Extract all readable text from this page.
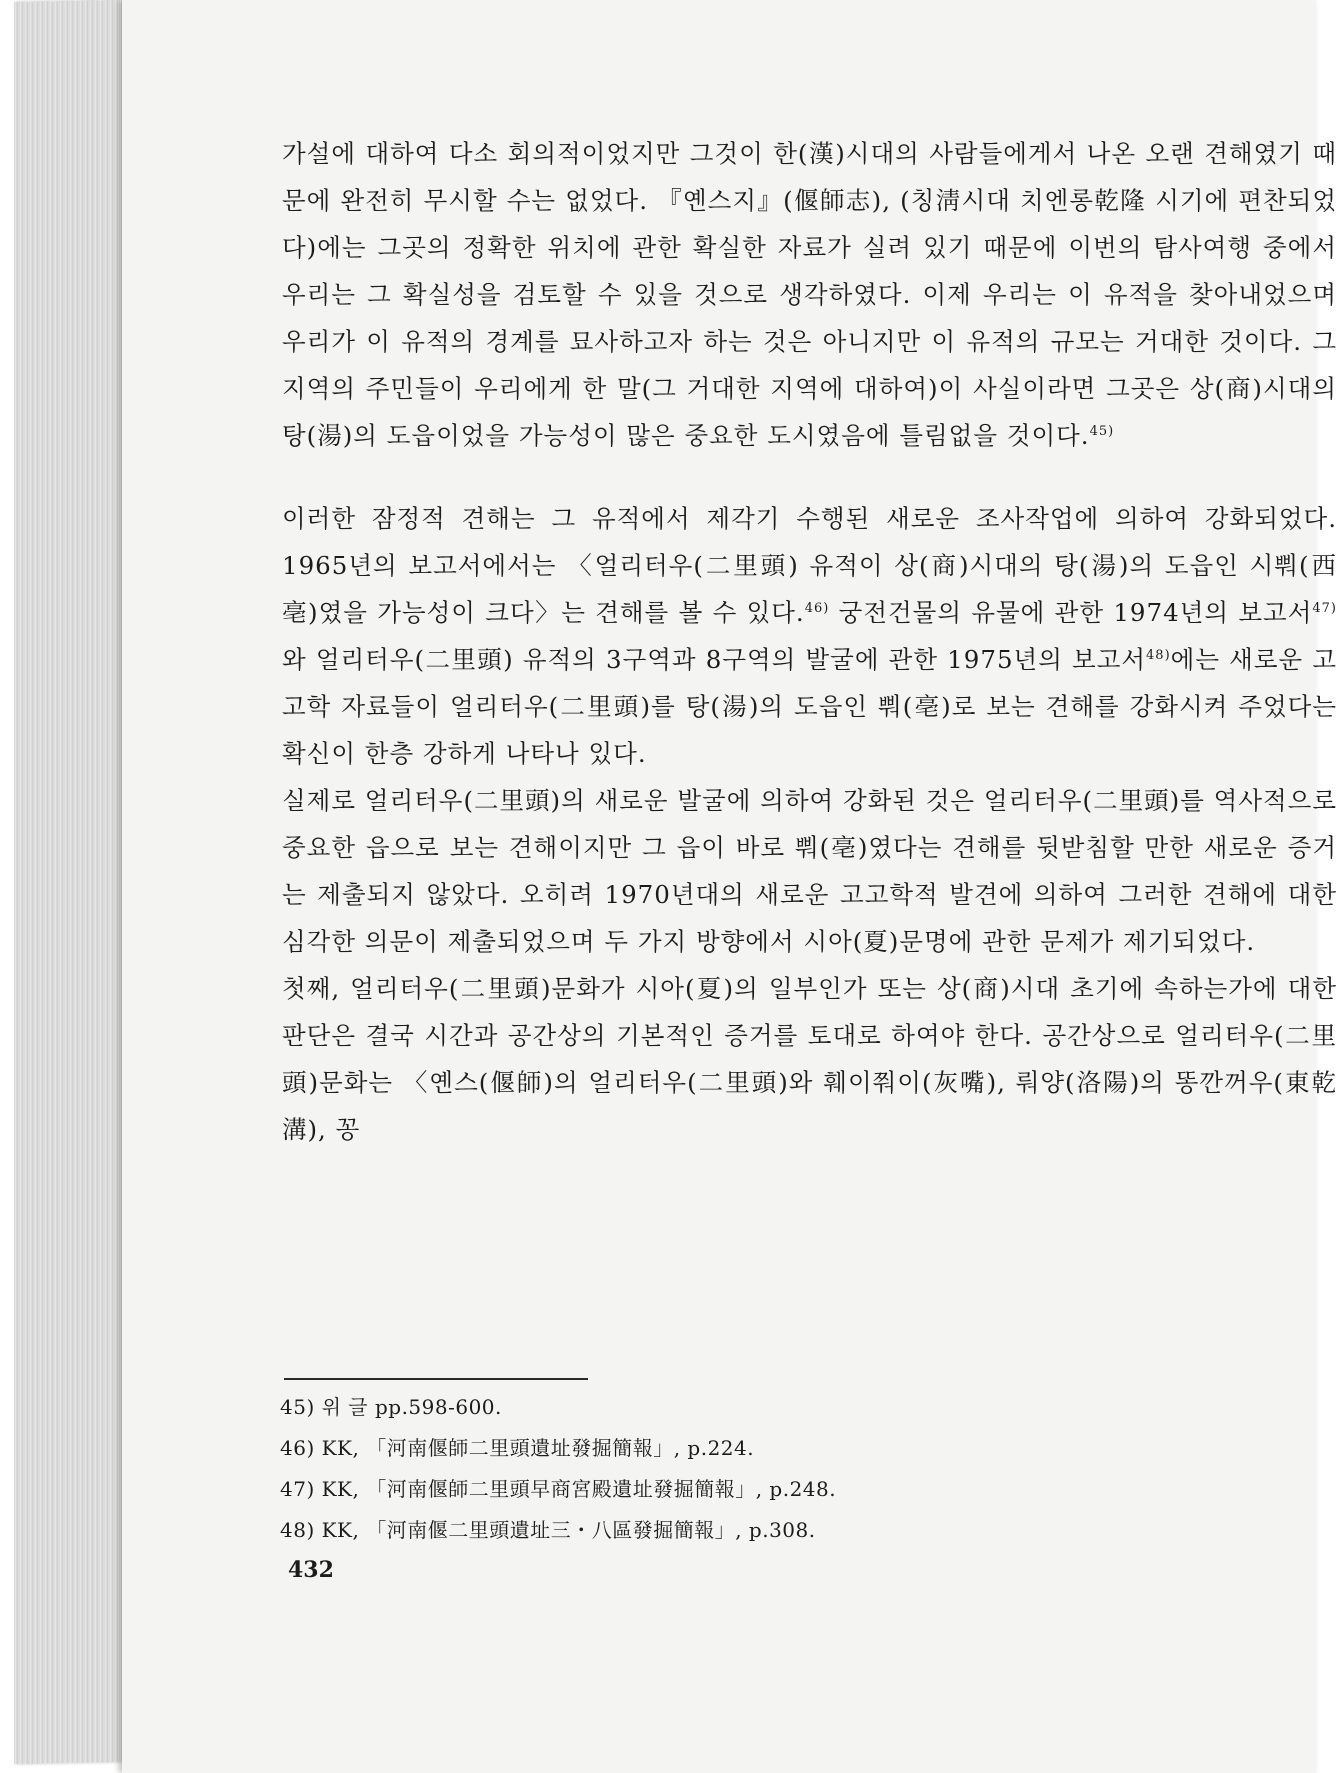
가설에 대하여 다소 회의적이었지만 그것이 한(漢)시대의 사람들에게서 나온 오랜 견해였기 때문에 완전히 무시할 수는 없었다. 『옌스지』(偃師志), (칭淸시대 치엔롱乾隆 시기에 편찬되었다)에는 그곳의 정확한 위치에 관한 확실한 자료가 실려 있기 때문에 이번의 탐사여행 중에서 우리는 그 확실성을 검토할 수 있을 것으로 생각하였다. 이제 우리는 이 유적을 찾아내었으며 우리가 이 유적의 경계를 묘사하고자 하는 것은 아니지만 이 유적의 규모는 거대한 것이다. 그 지역의 주민들이 우리에게 한 말(그 거대한 지역에 대하여)이 사실이라면 그곳은 상(商)시대의 탕(湯)의 도읍이었을 가능성이 많은 중요한 도시였음에 틀림없을 것이다.$^{45)}$

이러한 잠정적 견해는 그 유적에서 제각기 수행된 새로운 조사작업에 의하여 강화되었다. 1965년의 보고서에서는 〈얼리터우(二里頭) 유적이 상(商)시대의 탕(湯)의 도읍인 시뿨(西亳)였을 가능성이 크다〉는 견해를 볼 수 있다.$^{46)}$ 궁전건물의 유물에 관한 1974년의 보고서$^{47)}$와 얼리터우(二里頭) 유적의 3구역과 8구역의 발굴에 관한 1975년의 보고서$^{48)}$에는 새로운 고고학 자료들이 얼리터우(二里頭)를 탕(湯)의 도읍인 뿨(亳)로 보는 견해를 강화시켜 주었다는 확신이 한층 강하게 나타나 있다.

실제로 얼리터우(二里頭)의 새로운 발굴에 의하여 강화된 것은 얼리터우(二里頭)를 역사적으로 중요한 읍으로 보는 견해이지만 그 읍이 바로 뿨(亳)였다는 견해를 뒷받침할 만한 새로운 증거는 제출되지 않았다. 오히려 1970년대의 새로운 고고학적 발견에 의하여 그러한 견해에 대한 심각한 의문이 제출되었으며 두 가지 방향에서 시아(夏)문명에 관한 문제가 제기되었다.

첫째, 얼리터우(二里頭)문화가 시아(夏)의 일부인가 또는 상(商)시대 초기에 속하는가에 대한 판단은 결국 시간과 공간상의 기본적인 증거를 토대로 하여야 한다. 공간상으로 얼리터우(二里頭)문화는 〈옌스(偃師)의 얼리터우(二里頭)와 훼이쭤이(灰嘴), 뤄양(洛陽)의 똥깐꺼우(東乾溝), 꽁

45) 위 글 pp.598-600.
46) KK, 「河南偃師二里頭遺址發掘簡報」, p.224.
47) KK, 「河南偃師二里頭早商宮殿遺址發掘簡報」, p.248.
48) KK, 「河南偃二里頭遺址三・八區發掘簡報」, p.308.
432
